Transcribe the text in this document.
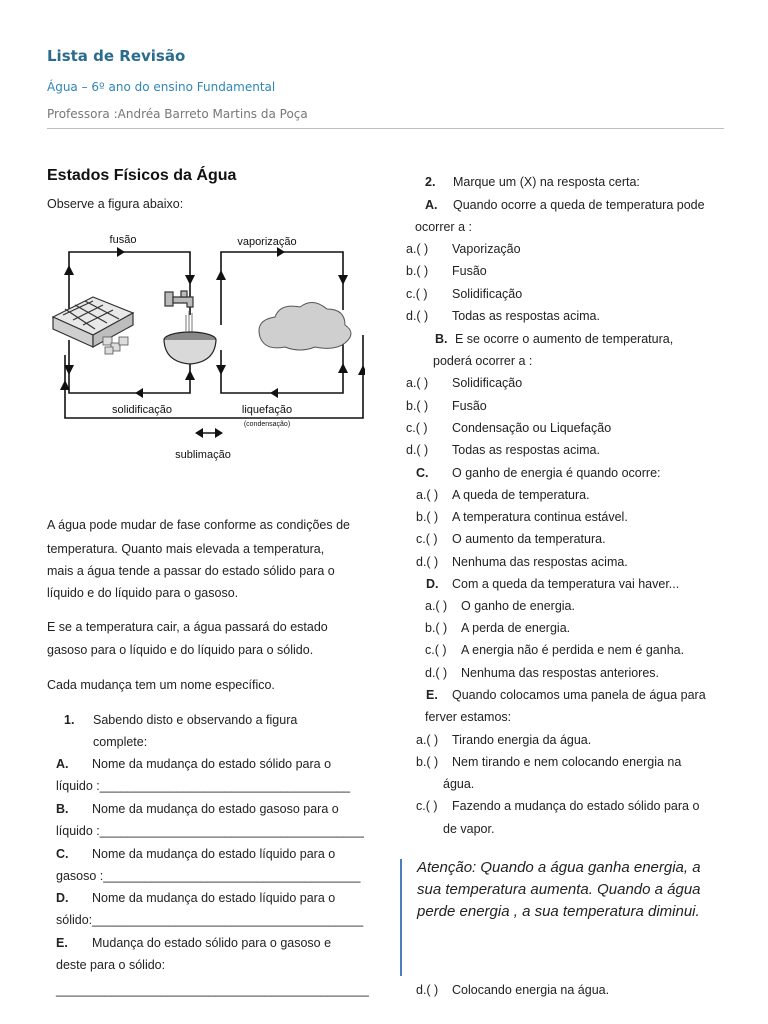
Lista de Revisão
Água – 6º ano do ensino Fundamental
Professora :Andréa Barreto Martins da Poça
Estados Físicos da Água
Observe a figura abaixo:
fusão	vaporização
solidificação	liquefação
(condensação)
sublimação
A água pode mudar de fase conforme as condições de
temperatura. Quanto mais elevada a temperatura,
mais a água tende a passar do estado sólido para o
líquido e do líquido para o gasoso.
E se a temperatura cair, a água passará do estado
gasoso para o líquido e do líquido para o sólido.
Cada mudança tem um nome específico.
1. Sabendo disto e observando a figura
complete:
A. Nome da mudança do estado sólido para o
líquido :____________________________________
B. Nome da mudança do estado gasoso para o
líquido :______________________________________
C. Nome da mudança do estado líquido para o
gasoso :_____________________________________
D. Nome da mudança do estado líquido para o
sólido:_______________________________________
E. Mudança do estado sólido para o gasoso e
deste para o sólido:
_____________________________________________
2. Marque um (X) na resposta certa:
A. Quando ocorre a queda de temperatura pode
ocorrer a :
a.( ) Vaporização
b.( ) Fusão
c.( ) Solidificação
d.( ) Todas as respostas acima.
B. E se ocorre o aumento de temperatura,
poderá ocorrer a :
a.( ) Solidificação
b.( ) Fusão
c.( ) Condensação ou Liquefação
d.( ) Todas as respostas acima.
C. O ganho de energia é quando ocorre:
a.( ) A queda de temperatura.
b.( ) A temperatura continua estável.
c.( ) O aumento da temperatura.
d.( ) Nenhuma das respostas acima.
D. Com a queda da temperatura vai haver...
a.( ) O ganho de energia.
b.( ) A perda de energia.
c.( ) A energia não é perdida e nem é ganha.
d.( ) Nenhuma das respostas anteriores.
E. Quando colocamos uma panela de água para
ferver estamos:
a.( ) Tirando energia da água.
b.( ) Nem tirando e nem colocando energia na
água.
c.( ) Fazendo a mudança do estado sólido para o
de vapor.
Atenção: Quando a água ganha energia, a sua temperatura aumenta. Quando a água perde energia , a sua temperatura diminui.
d.( ) Colocando energia na água.
